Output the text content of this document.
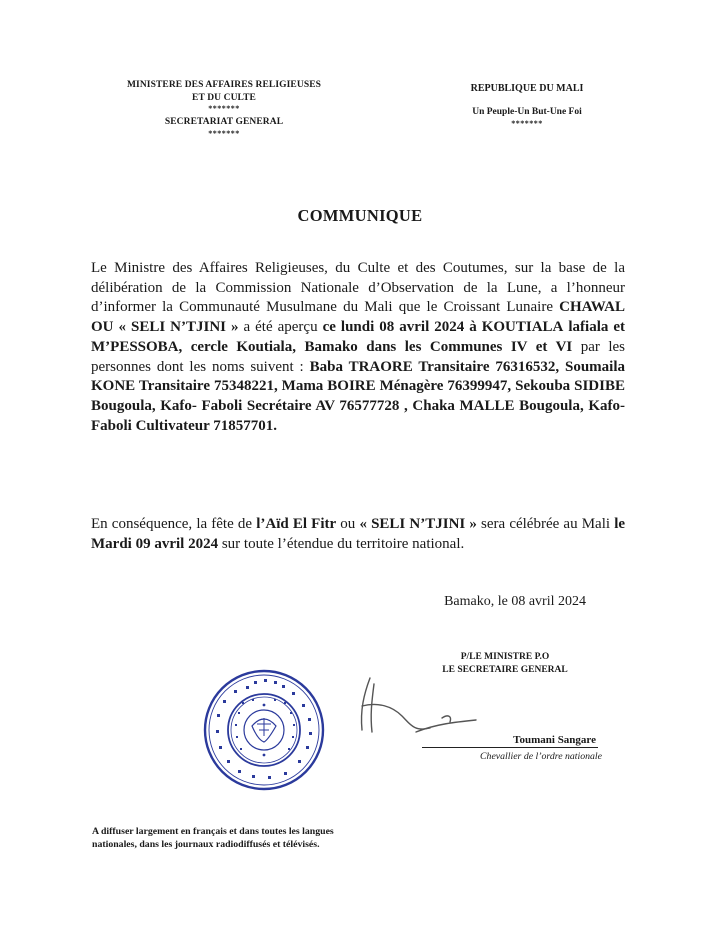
MINISTERE DES AFFAIRES RELIGIEUSES
ET DU CULTE
*******
SECRETARIAT GENERAL
*******
REPUBLIQUE DU MALI
Un Peuple-Un But-Une Foi
*******
COMMUNIQUE
Le Ministre des Affaires Religieuses, du Culte et des Coutumes, sur la base de la délibération de la Commission Nationale d’Observation de la Lune, a l’honneur d’informer la Communauté Musulmane du Mali que le Croissant Lunaire CHAWAL OU « SELI N’TJINI » a été aperçu ce lundi 08 avril 2024 à KOUTIALA lafiala et M’PESSOBA, cercle Koutiala, Bamako dans les Communes IV et VI par les personnes dont les noms suivent : Baba TRAORE Transitaire 76316532, Soumaila KONE Transitaire 75348221, Mama BOIRE Ménagère 76399947, Sekouba SIDIBE Bougoula, Kafo- Faboli Secrétaire AV 76577728 , Chaka MALLE Bougoula, Kafo- Faboli Cultivateur 71857701.
En conséquence, la fête de l’Aïd El Fitr ou « SELI N’TJINI » sera célébrée au Mali le Mardi 09 avril 2024 sur toute l’étendue du territoire national.
Bamako, le 08 avril 2024
P/LE MINISTRE P.O
LE SECRETAIRE GENERAL
Toumani Sangare
Chevallier de l’ordre nationale
A diffuser largement en français et dans toutes les langues nationales, dans les journaux radiodiffusés et télévisés.
